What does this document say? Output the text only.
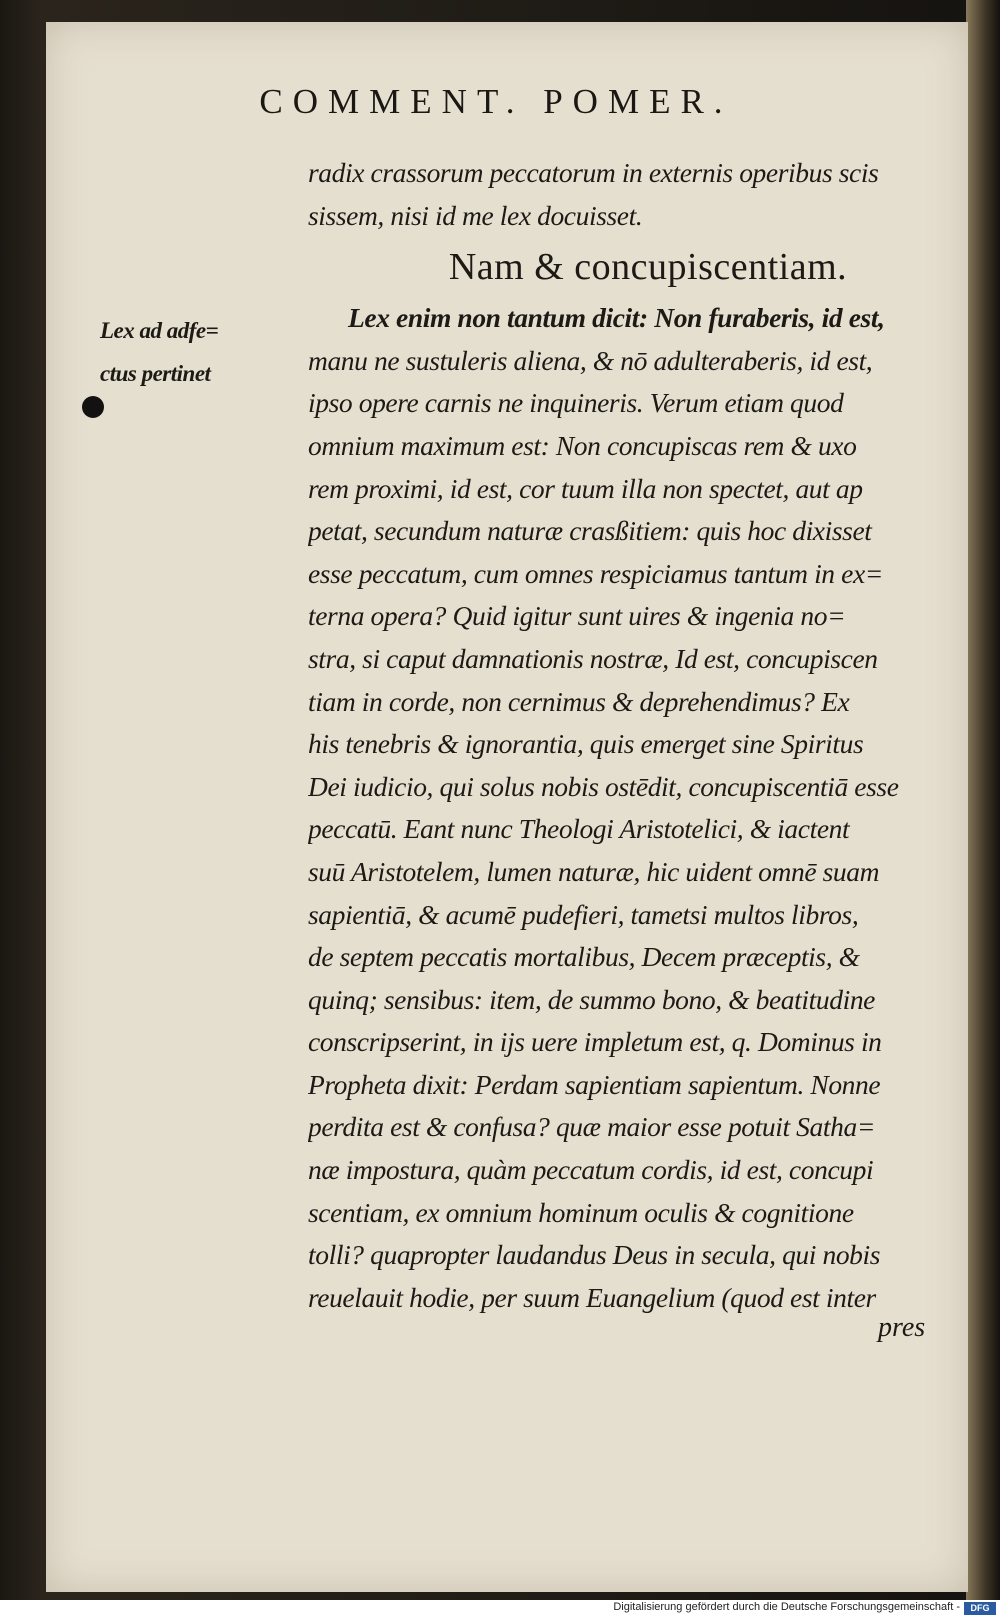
COMMENT. POMER.
radix crassorum peccatorum in externis operibus scis
sissem, nisi id me lex docuisset.
Nam & concupiscentiam.
Lex enim non tantum dicit: Non furaberis, id est,
manu ne sustuleris aliena, & nō adulteraberis, id est,
ipso opere carnis ne inquineris. Verum etiam quod
omnium maximum est: Non concupiscas rem & uxo
rem proximi, id est, cor tuum illa non spectet, aut ap
petat, secundum naturæ crasßitiem: quis hoc dixisset
esse peccatum, cum omnes respiciamus tantum in ex=
terna opera? Quid igitur sunt uires & ingenia no=
stra, si caput damnationis nostræ, Id est, concupiscen
tiam in corde, non cernimus & deprehendimus? Ex
his tenebris & ignorantia, quis emerget sine Spiritus
Dei iudicio, qui solus nobis ostēdit, concupiscentiā esse
peccatū. Eant nunc Theologi Aristotelici, & iactent
suū Aristotelem, lumen naturæ, hic uident omnē suam
sapientiā, & acumē pudefieri, tametsi multos libros,
de septem peccatis mortalibus, Decem præceptis, &
quinq; sensibus: item, de summo bono, & beatitudine
conscripserint, in ijs uere impletum est, q. Dominus in
Propheta dixit: Perdam sapientiam sapientum. Nonne
perdita est & confusa? quæ maior esse potuit Satha=
næ impostura, quàm peccatum cordis, id est, concupi
scentiam, ex omnium hominum oculis & cognitione
tolli? quapropter laudandus Deus in secula, qui nobis
reuelauit hodie, per suum Euangelium (quod est inter
pres
Lex ad adfe=
ctus pertinet
Digitalisierung gefördert durch die Deutsche Forschungsgemeinschaft -	DFG
